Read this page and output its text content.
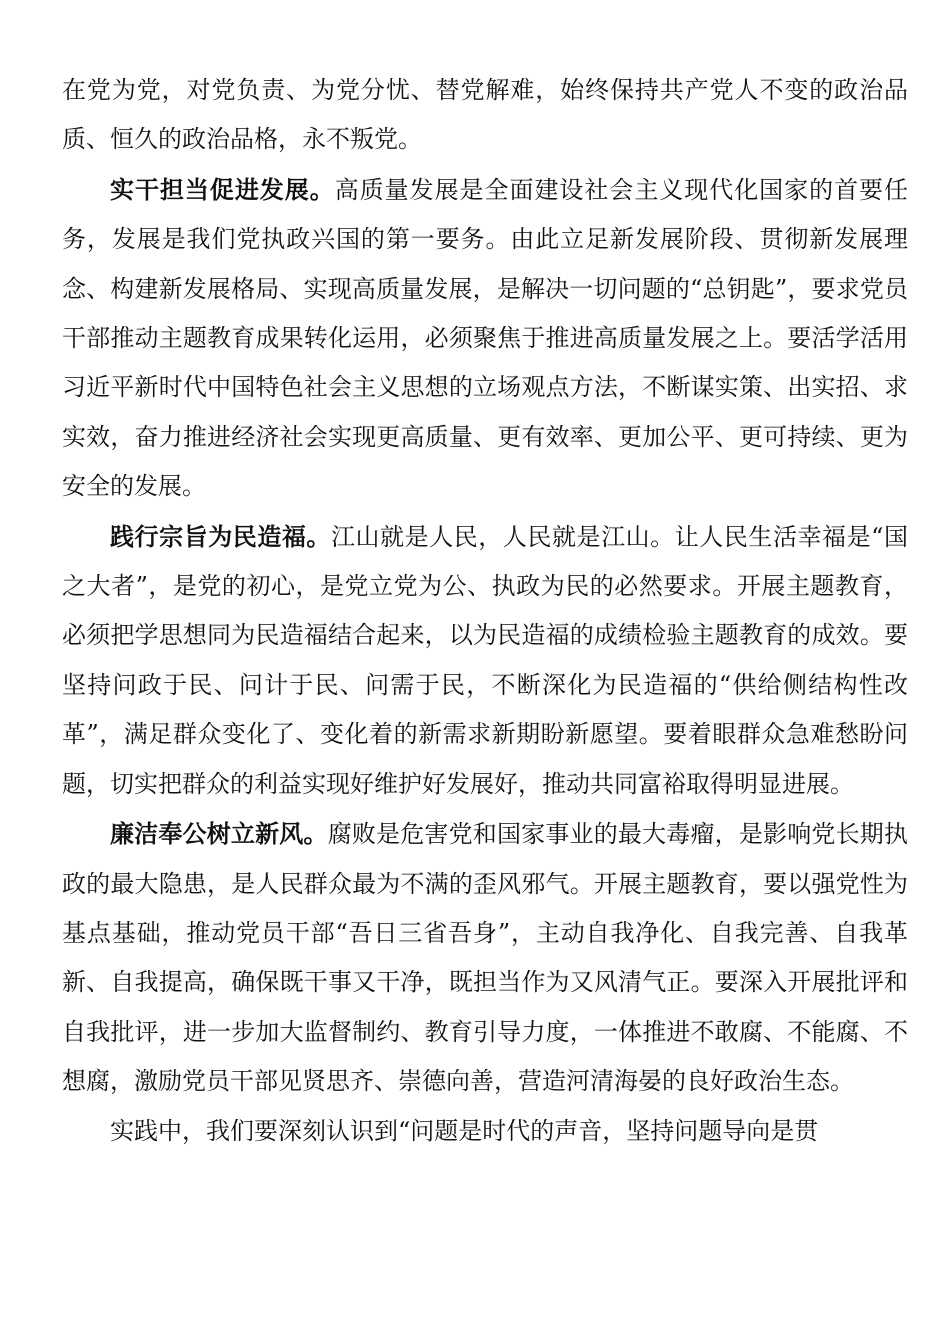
在党为党，对党负责、为党分忧、替党解难，始终保持共产党人不变的政治品质、恒久的政治品格，永不叛党。

实干担当促进发展。高质量发展是全面建设社会主义现代化国家的首要任务，发展是我们党执政兴国的第一要务。由此立足新发展阶段、贯彻新发展理念、构建新发展格局、实现高质量发展，是解决一切问题的“总钥匙”，要求党员干部推动主题教育成果转化运用，必须聚焦于推进高质量发展之上。要活学活用习近平新时代中国特色社会主义思想的立场观点方法，不断谋实策、出实招、求实效，奋力推进经济社会实现更高质量、更有效率、更加公平、更可持续、更为安全的发展。

践行宗旨为民造福。江山就是人民，人民就是江山。让人民生活幸福是“国之大者”，是党的初心，是党立党为公、执政为民的必然要求。开展主题教育，必须把学思想同为民造福结合起来，以为民造福的成绩检验主题教育的成效。要坚持问政于民、问计于民、问需于民，不断深化为民造福的“供给侧结构性改革”，满足群众变化了、变化着的新需求新期盼新愿望。要着眼群众急难愁盼问题，切实把群众的利益实现好维护好发展好，推动共同富裕取得明显进展。

廉洁奉公树立新风。腐败是危害党和国家事业的最大毒瘤，是影响党长期执政的最大隐患，是人民群众最为不满的歪风邪气。开展主题教育，要以强党性为基点基础，推动党员干部“吾日三省吾身”，主动自我净化、自我完善、自我革新、自我提高，确保既干事又干净，既担当作为又风清气正。要深入开展批评和自我批评，进一步加大监督制约、教育引导力度，一体推进不敢腐、不能腐、不想腐，激励党员干部见贤思齐、崇德向善，营造河清海晏的良好政治生态。

实践中，我们要深刻认识到“问题是时代的声音，坚持问题导向是贯
